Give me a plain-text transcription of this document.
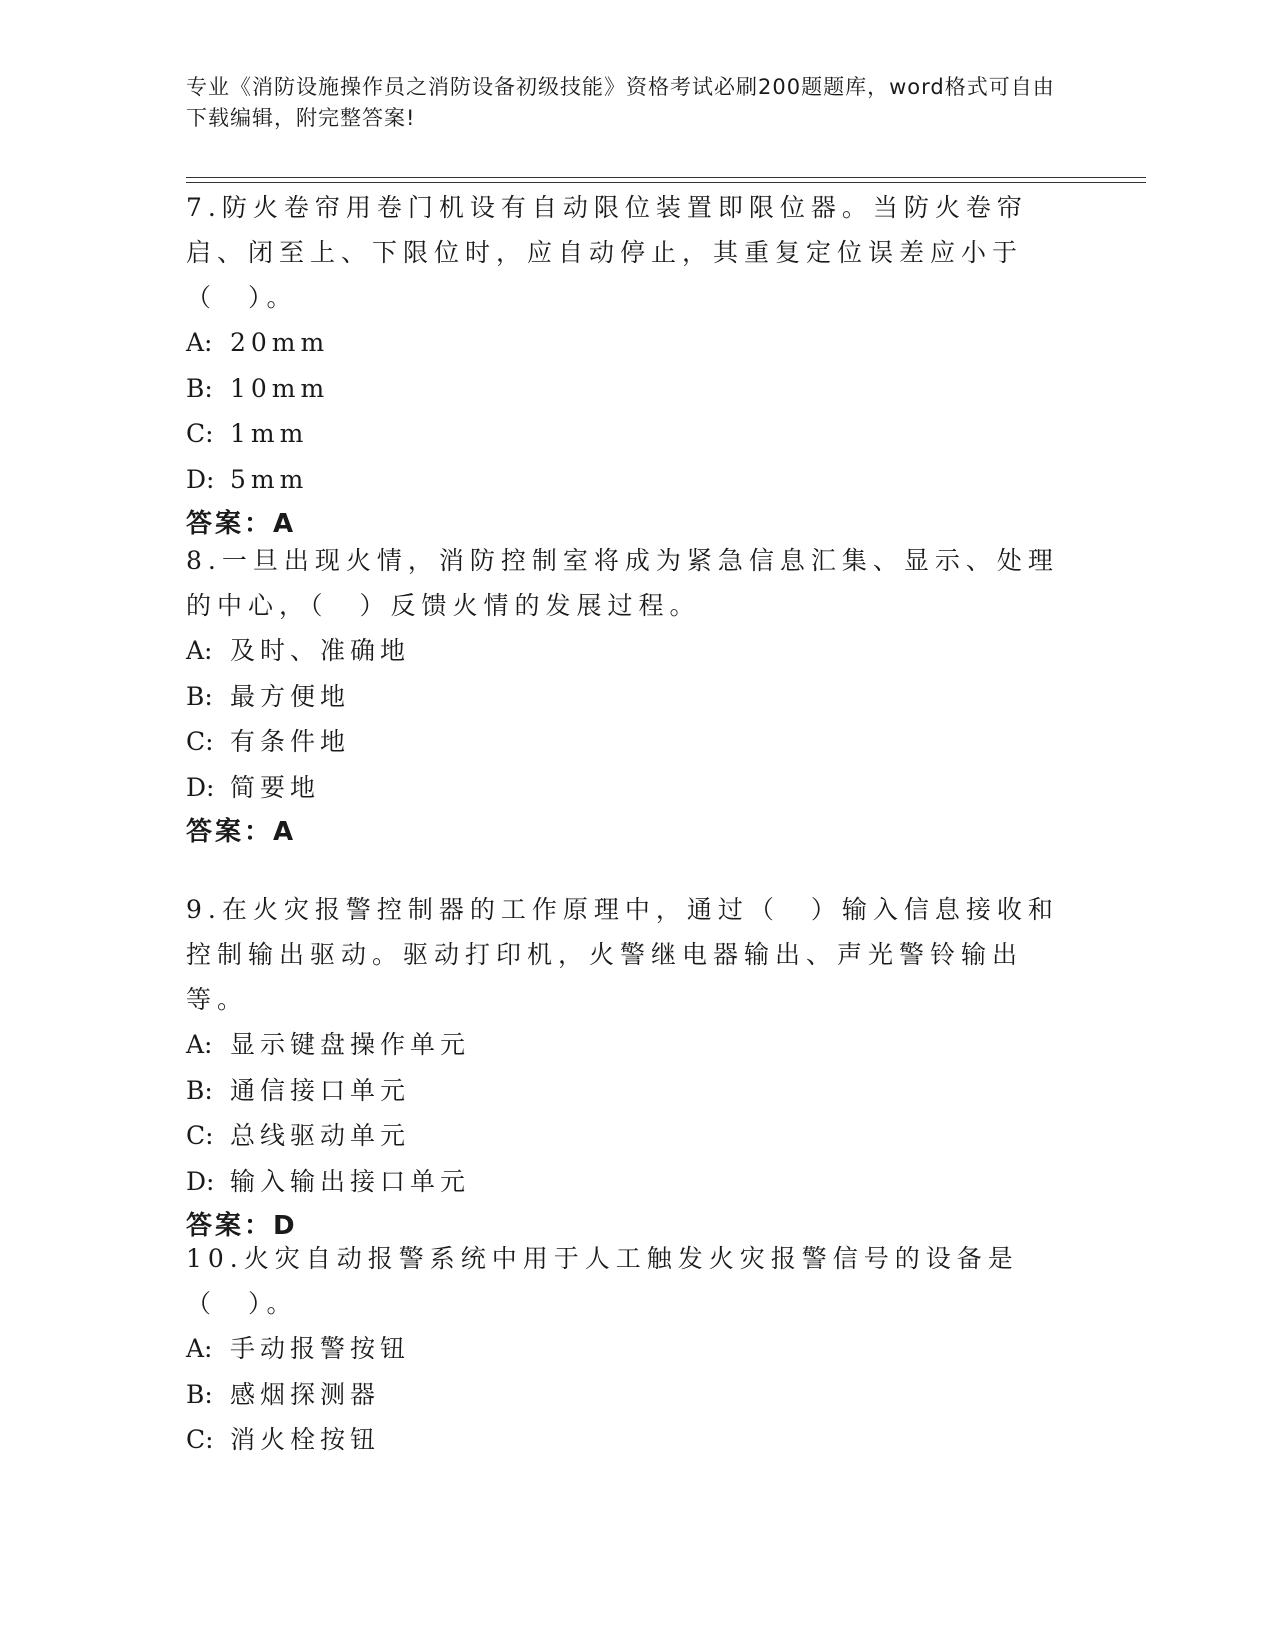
专业《消防设施操作员之消防设备初级技能》资格考试必刷200题题库，word格式可自由下载编辑，附完整答案!
7.防火卷帘用卷门机设有自动限位装置即限位器。当防火卷帘启、闭至上、下限位时，应自动停止，其重复定位误差应小于（　）。
A: 20mm
B: 10mm
C: 1mm
D: 5mm
答案：A
8.一旦出现火情，消防控制室将成为紧急信息汇集、显示、处理的中心，（　）反馈火情的发展过程。
A: 及时、准确地
B: 最方便地
C: 有条件地
D: 简要地
答案：A
9.在火灾报警控制器的工作原理中，通过（　）输入信息接收和控制输出驱动。驱动打印机，火警继电器输出、声光警铃输出等。
A: 显示键盘操作单元
B: 通信接口单元
C: 总线驱动单元
D: 输入输出接口单元
答案：D
10.火灾自动报警系统中用于人工触发火灾报警信号的设备是（　）。
A: 手动报警按钮
B: 感烟探测器
C: 消火栓按钮
